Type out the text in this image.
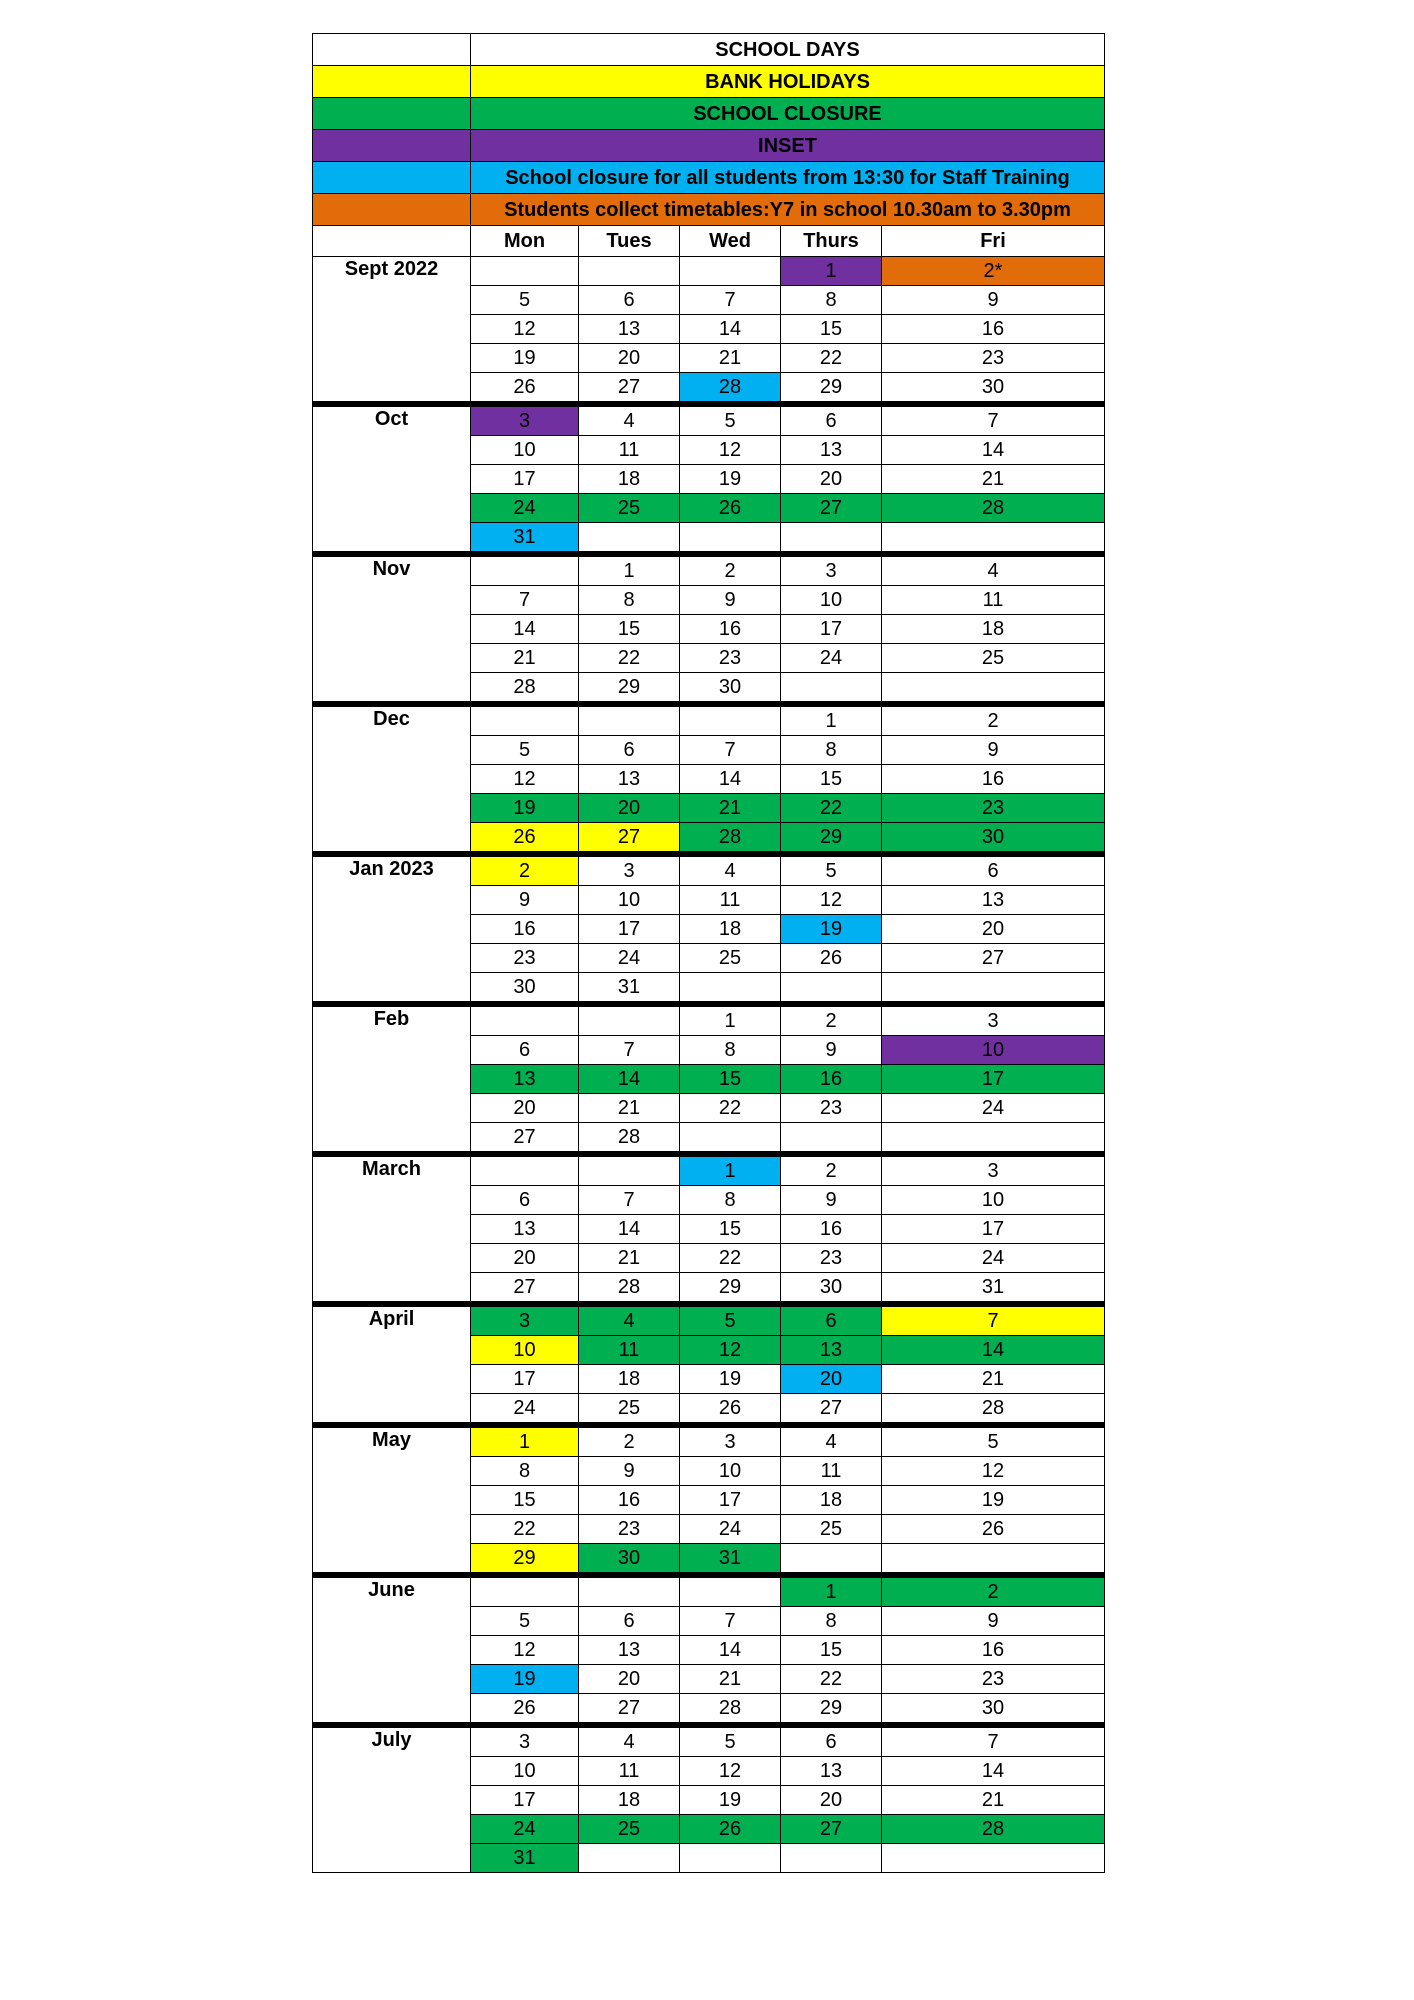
	SCHOOL DAYS				
	BANK HOLIDAYS				
	SCHOOL CLOSURE				
	INSET				
	School closure for all students from 13:30 for Staff Training				
	Students collect timetables:Y7 in school 10.30am to 3.30pm				
	Mon	Tues	Wed	Thurs	Fri
Sept 2022				1	2*
	5	6	7	8	9
	12	13	14	15	16
	19	20	21	22	23
	26	27	28	29	30
Oct	3	4	5	6	7
	10	11	12	13	14
	17	18	19	20	21
	24	25	26	27	28
	31				
Nov		1	2	3	4
	7	8	9	10	11
	14	15	16	17	18
	21	22	23	24	25
	28	29	30		
Dec				1	2
	5	6	7	8	9
	12	13	14	15	16
	19	20	21	22	23
	26	27	28	29	30
Jan 2023	2	3	4	5	6
	9	10	11	12	13
	16	17	18	19	20
	23	24	25	26	27
	30	31			
Feb			1	2	3
	6	7	8	9	10
	13	14	15	16	17
	20	21	22	23	24
	27	28			
March			1	2	3
	6	7	8	9	10
	13	14	15	16	17
	20	21	22	23	24
	27	28	29	30	31
April	3	4	5	6	7
	10	11	12	13	14
	17	18	19	20	21
	24	25	26	27	28
May	1	2	3	4	5
	8	9	10	11	12
	15	16	17	18	19
	22	23	24	25	26
	29	30	31		
June				1	2
	5	6	7	8	9
	12	13	14	15	16
	19	20	21	22	23
	26	27	28	29	30
July	3	4	5	6	7
	10	11	12	13	14
	17	18	19	20	21
	24	25	26	27	28
	31				
